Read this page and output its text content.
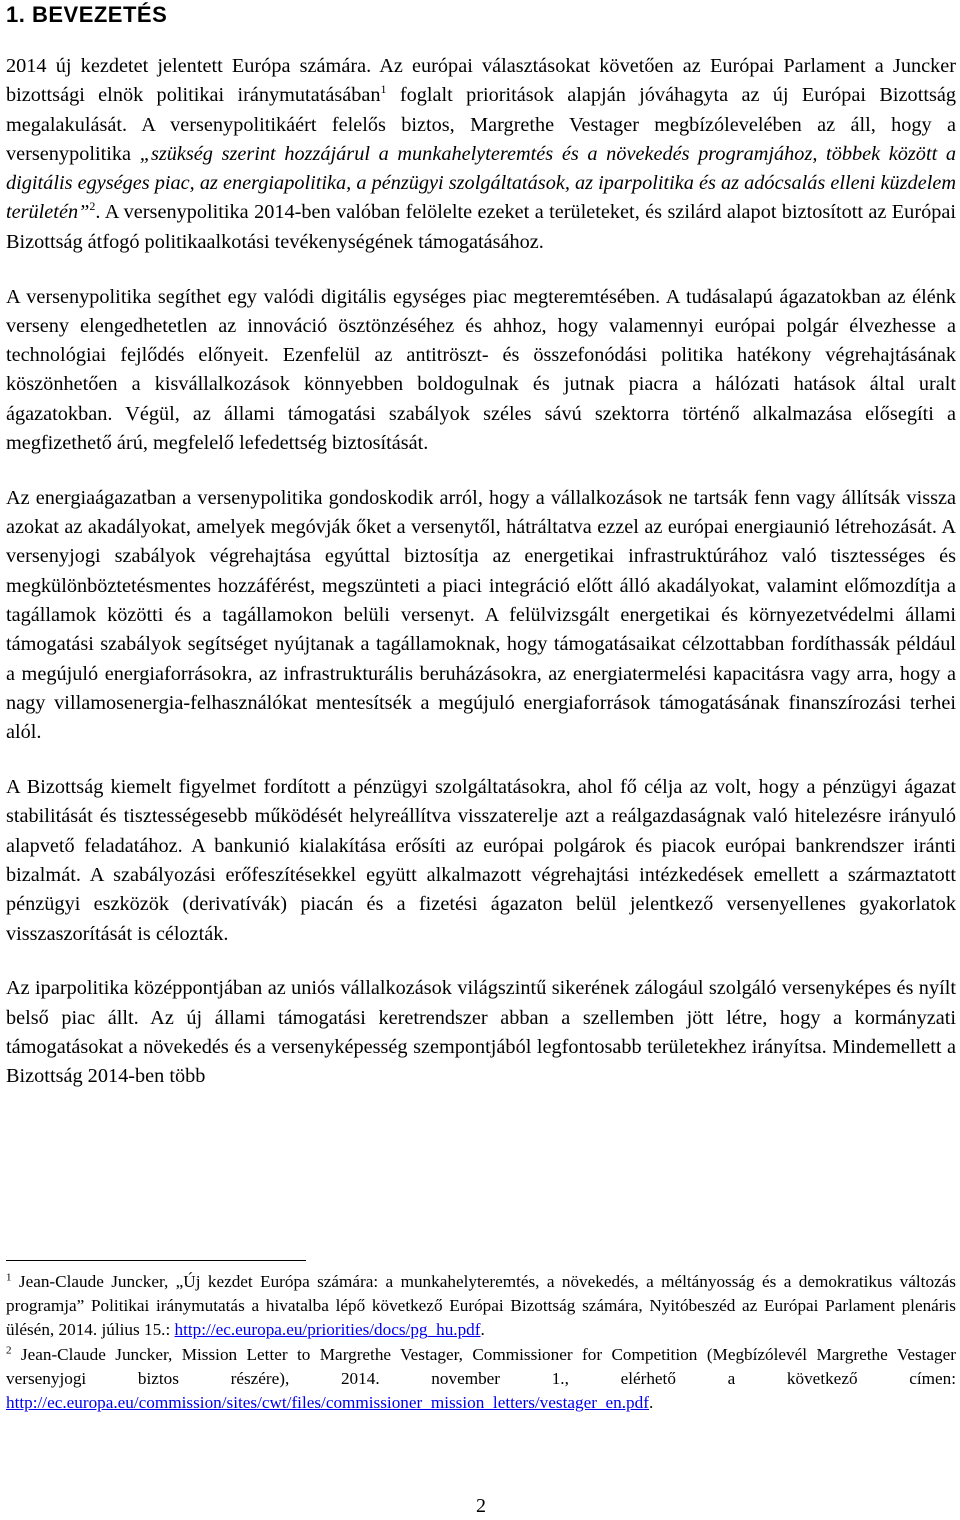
1. BEVEZETÉS

2014 új kezdetet jelentett Európa számára. Az európai választásokat követően az Európai Parlament a Juncker bizottsági elnök politikai iránymutatásában$^1$ foglalt prioritások alapján jóváhagyta az új Európai Bizottság megalakulását. A versenypolitikáért felelős biztos, Margrethe Vestager megbízólevelében az áll, hogy a versenypolitika „szükség szerint hozzájárul a munkahelyteremtés és a növekedés programjához, többek között a digitális egységes piac, az energiapolitika, a pénzügyi szolgáltatások, az iparpolitika és az adócsalás elleni küzdelem területén”$^2$. A versenypolitika 2014-ben valóban felölelte ezeket a területeket, és szilárd alapot biztosított az Európai Bizottság átfogó politikaalkotási tevékenységének támogatásához.

A versenypolitika segíthet egy valódi digitális egységes piac megteremtésében. A tudásalapú ágazatokban az élénk verseny elengedhetetlen az innováció ösztönzéséhez és ahhoz, hogy valamennyi európai polgár élvezhesse a technológiai fejlődés előnyeit. Ezenfelül az antitröszt- és összefonódási politika hatékony végrehajtásának köszönhetően a kisvállalkozások könnyebben boldogulnak és jutnak piacra a hálózati hatások által uralt ágazatokban. Végül, az állami támogatási szabályok széles sávú szektorra történő alkalmazása elősegíti a megfizethető árú, megfelelő lefedettség biztosítását.

Az energiaágazatban a versenypolitika gondoskodik arról, hogy a vállalkozások ne tartsák fenn vagy állítsák vissza azokat az akadályokat, amelyek megóvják őket a versenytől, hátráltatva ezzel az európai energiaunió létrehozását. A versenyjogi szabályok végrehajtása egyúttal biztosítja az energetikai infrastruktúrához való tisztességes és megkülönböztetésmentes hozzáférést, megszünteti a piaci integráció előtt álló akadályokat, valamint előmozdítja a tagállamok közötti és a tagállamokon belüli versenyt. A felülvizsgált energetikai és környezetvédelmi állami támogatási szabályok segítséget nyújtanak a tagállamoknak, hogy támogatásaikat célzottabban fordíthassák például a megújuló energiaforrásokra, az infrastrukturális beruházásokra, az energiatermelési kapacitásra vagy arra, hogy a nagy villamosenergia-felhasználókat mentesítsék a megújuló energiaforrások támogatásának finanszírozási terhei alól.

A Bizottság kiemelt figyelmet fordított a pénzügyi szolgáltatásokra, ahol fő célja az volt, hogy a pénzügyi ágazat stabilitását és tisztességesebb működését helyreállítva visszaterelje azt a reálgazdaságnak való hitelezésre irányuló alapvető feladatához. A bankunió kialakítása erősíti az európai polgárok és piacok európai bankrendszer iránti bizalmát. A szabályozási erőfeszítésekkel együtt alkalmazott végrehajtási intézkedések emellett a származtatott pénzügyi eszközök (derivatívák) piacán és a fizetési ágazaton belül jelentkező versenyellenes gyakorlatok visszaszorítását is célozták.

Az iparpolitika középpontjában az uniós vállalkozások világszintű sikerének zálogául szolgáló versenyképes és nyílt belső piac állt. Az új állami támogatási keretrendszer abban a szellemben jött létre, hogy a kormányzati támogatásokat a növekedés és a versenyképesség szempontjából legfontosabb területekhez irányítsa. Mindemellett a Bizottság 2014-ben több

$^1$ Jean-Claude Juncker, „Új kezdet Európa számára: a munkahelyteremtés, a növekedés, a méltányosság és a demokratikus változás programja” Politikai iránymutatás a hivatalba lépő következő Európai Bizottság számára, Nyitóbeszéd az Európai Parlament plenáris ülésén, 2014. július 15.: http://ec.europa.eu/priorities/docs/pg_hu.pdf.

$^2$ Jean-Claude Juncker, Mission Letter to Margrethe Vestager, Commissioner for Competition (Megbízólevél Margrethe Vestager versenyjogi biztos részére), 2014. november 1., elérhető a következő címen: http://ec.europa.eu/commission/sites/cwt/files/commissioner_mission_letters/vestager_en.pdf.

2
